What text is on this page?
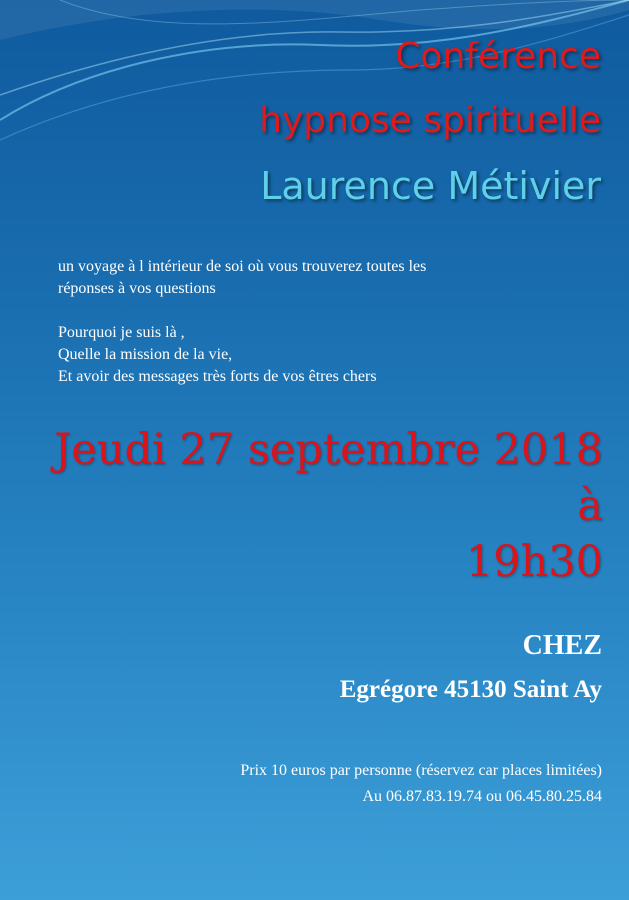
Conférence
hypnose spirituelle
Laurence Métivier

un voyage à l intérieur de soi où vous trouverez toutes les

réponses à vos questions

Pourquoi je suis là ,

Quelle la mission de la vie,

Et avoir des messages très forts de vos êtres chers

Jeudi 27 septembre 2018 à
19h30
CHEZ
Egrégore 45130 Saint Ay
Prix 10 euros par personne (réservez car places limitées)
Au 06.87.83.19.74 ou 06.45.80.25.84
